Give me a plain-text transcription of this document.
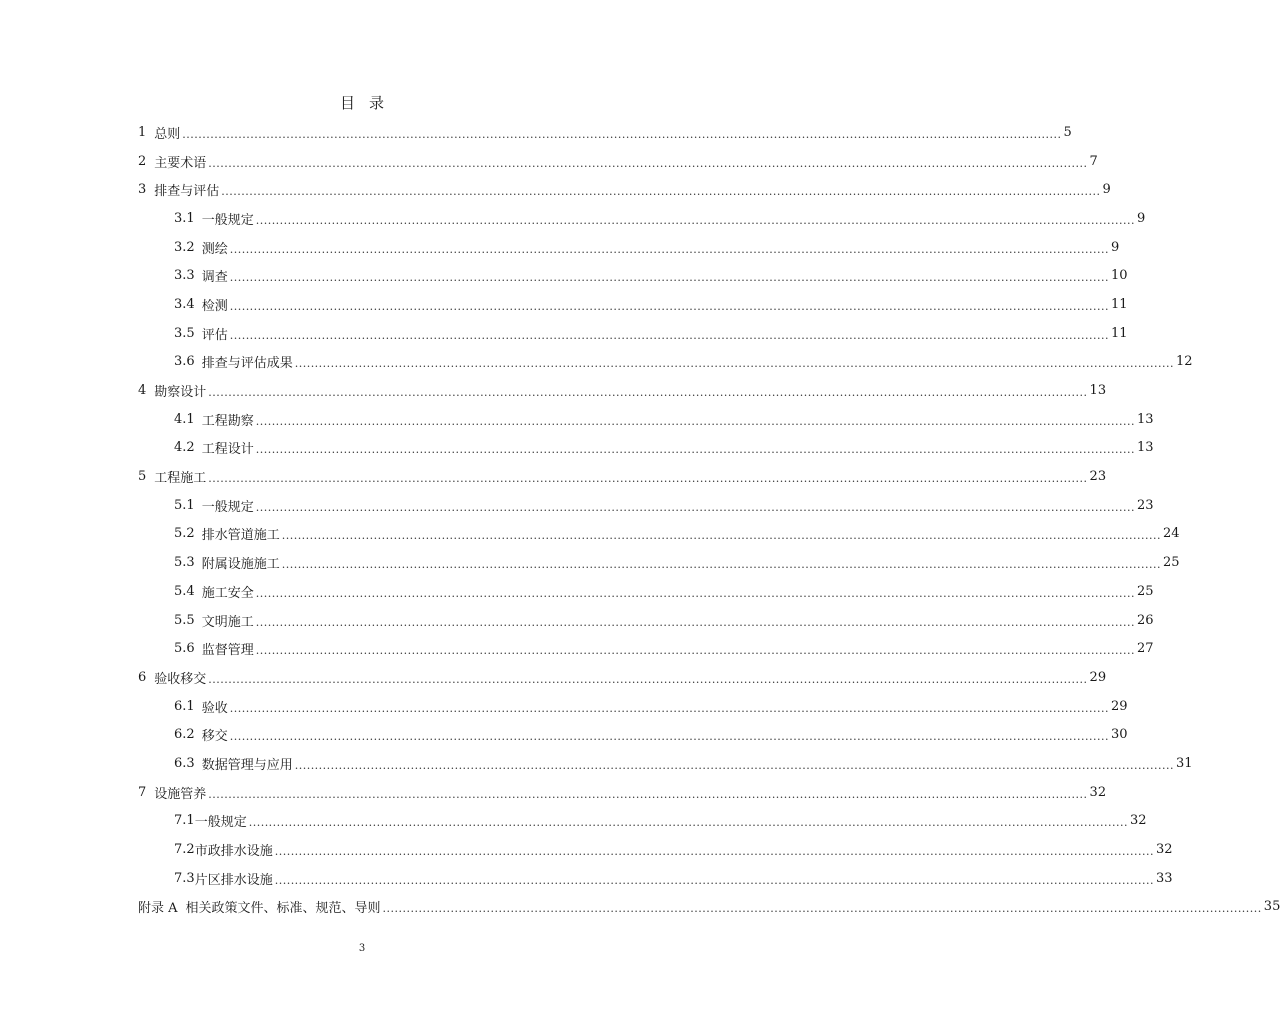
目 录
1 总则 ............................................................................................................................................................................................................................ 5
2 主要术语 ............................................................................................................................................................................................................................ 7
3 排查与评估 ............................................................................................................................................................................................................................ 9
3.1 一般规定 ............................................................................................................................................................................................................................ 9
3.2 测绘 ............................................................................................................................................................................................................................ 9
3.3 调查 ............................................................................................................................................................................................................................ 10
3.4 检测 ............................................................................................................................................................................................................................ 11
3.5 评估 ............................................................................................................................................................................................................................ 11
3.6 排查与评估成果 ............................................................................................................................................................................................................................ 12
4 勘察设计 ............................................................................................................................................................................................................................ 13
4.1 工程勘察 ............................................................................................................................................................................................................................ 13
4.2 工程设计 ............................................................................................................................................................................................................................ 13
5 工程施工 ............................................................................................................................................................................................................................ 23
5.1 一般规定 ............................................................................................................................................................................................................................ 23
5.2 排水管道施工 ............................................................................................................................................................................................................................ 24
5.3 附属设施施工 ............................................................................................................................................................................................................................ 25
5.4 施工安全 ............................................................................................................................................................................................................................ 25
5.5 文明施工 ............................................................................................................................................................................................................................ 26
5.6 监督管理 ............................................................................................................................................................................................................................ 27
6 验收移交 ............................................................................................................................................................................................................................ 29
6.1 验收 ............................................................................................................................................................................................................................ 29
6.2 移交 ............................................................................................................................................................................................................................ 30
6.3 数据管理与应用 ............................................................................................................................................................................................................................ 31
7 设施管养 ............................................................................................................................................................................................................................ 32
7.1 一般规定 ............................................................................................................................................................................................................................ 32
7.2 市政排水设施 ............................................................................................................................................................................................................................ 32
7.3 片区排水设施 ............................................................................................................................................................................................................................ 33
附录 A 相关政策文件、标准、规范、导则 ............................................................................................................................................................................................................................ 35
3
